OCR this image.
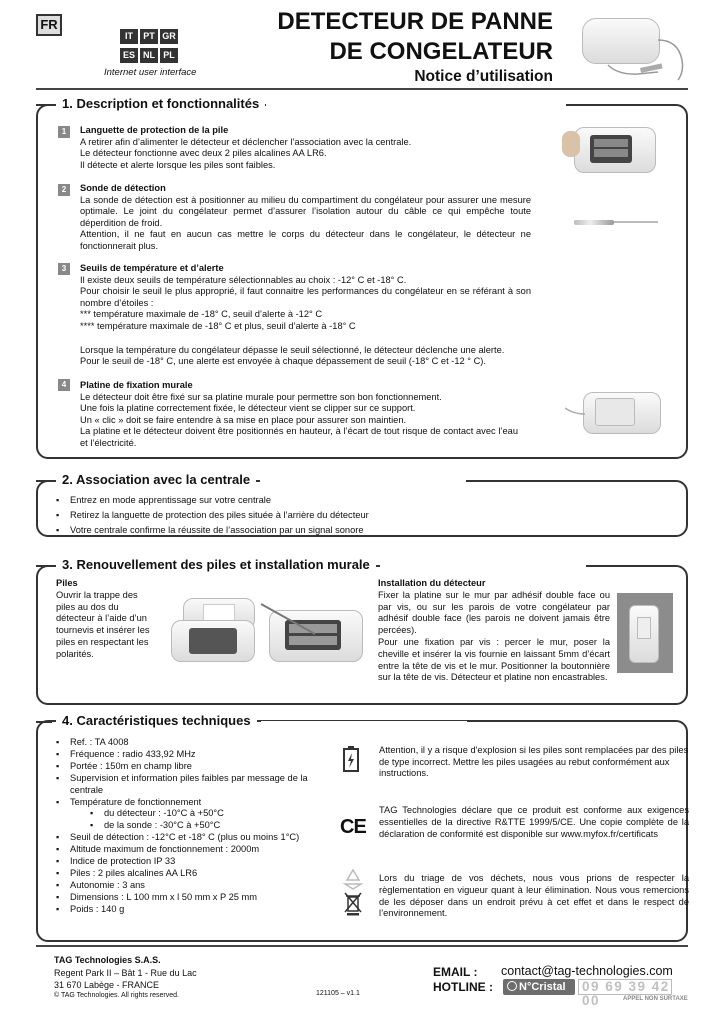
FR
IT	PT GR
ES NL PL
Internet user interface
DETECTEUR DE PANNE
DE CONGELATEUR
Notice d’utilisation
1. Description et fonctionnalités
1	Languette de protection de la pile
A retirer afin d’alimenter le détecteur et déclencher l’association avec la centrale.
Le détecteur fonctionne avec deux 2 piles alcalines AA LR6.
Il détecte et alerte lorsque les piles sont faibles.
2	Sonde de détection
La sonde de détection est à positionner au milieu du compartiment du congélateur pour assurer une mesure optimale. Le joint du congélateur permet d’assurer l’isolation autour du câble ce qui empêche toute déperdition de froid.
Attention, il ne faut en aucun cas mettre le corps du détecteur dans le congélateur, le détecteur ne fonctionnerait plus.
3	Seuils de température et d’alerte
Il existe deux seuils de température sélectionnables au choix : -12° C et -18° C.
Pour choisir le seuil le plus approprié, il faut connaitre les performances du congélateur en se référant à son nombre d’étoiles :
*** température maximale de -18° C, seuil d’alerte à -12° C
**** température maximale de -18° C et plus, seuil d’alerte à -18° C
Lorsque la température du congélateur dépasse le seuil sélectionné, le détecteur déclenche une alerte.
Pour le seuil de -18° C, une alerte est envoyée à chaque dépassement de seuil (-18° C et -12 ° C).
4	Platine de fixation murale
Le détecteur doit être fixé sur sa platine murale pour permettre son bon fonctionnement.
Une fois la platine correctement fixée, le détecteur vient se clipper sur ce support.
Un « clic » doit se faire entendre à sa mise en place pour assurer son maintien.
La platine et le détecteur doivent être positionnés en hauteur, à l’écart de tout risque de contact avec l’eau et l’électricité.
2. Association avec la centrale
▪ Entrez en mode apprentissage sur votre centrale
▪ Retirez la languette de protection des piles située à l’arrière du détecteur
▪ Votre centrale confirme la réussite de l’association par un signal sonore
3. Renouvellement des piles et installation murale
Piles
Ouvrir la trappe des piles au dos du détecteur à l’aide d’un tournevis et insérer les piles en respectant les polarités.
Installation du détecteur
Fixer la platine sur le mur par adhésif double face ou par vis, ou sur les parois de votre congélateur par adhésif double face (les parois ne doivent jamais être percées).
Pour une fixation par vis : percer le mur, poser la cheville et insérer la vis fournie en laissant 5mm d’écart entre la tête de vis et le mur. Positionner la boutonnière sur la tête de vis. Détecteur et platine non encastrables.
4. Caractéristiques techniques
▪ Ref. : TA 4008
▪ Fréquence : radio 433,92 MHz
▪ Portée : 150m en champ libre
▪ Supervision et information piles faibles par message de la centrale
▪ Température de fonctionnement
▪ du détecteur : -10°C à +50°C
▪ de la sonde : -30°C à +50°C
▪ Seuil de détection : -12°C et -18° C (plus ou moins 1°C)
▪ Altitude maximum de fonctionnement : 2000m
▪ Indice de protection IP 33
▪ Piles : 2 piles alcalines AA LR6
▪ Autonomie : 3 ans
▪ Dimensions : L 100 mm x l 50 mm x P 25 mm
▪ Poids : 140 g
Attention, il y a risque d'explosion si les piles sont remplacées par des piles de type incorrect. Mettre les piles usagées au rebut conformément aux instructions.
CE
TAG Technologies déclare que ce produit est conforme aux exigences essentielles de la directive R&TTE 1999/5/CE. Une copie complète de la déclaration de conformité est disponible sur www.myfox.fr/certificats
Lors du triage de vos déchets, nous vous prions de respecter la règlementation en vigueur quant à leur élimination. Nous vous remercions de les déposer dans un endroit prévu à cet effet et dans le respect de l’environnement.
TAG Technologies S.A.S.
Regent Park II – Bât 1 - Rue du Lac
31 670 Labège - FRANCE
© TAG Technologies. All rights reserved.	121105 – v1.1
EMAIL : contact@tag-technologies.com
HOTLINE :	N°Cristal	09 69 39 42 00	APPEL NON SURTAXE
